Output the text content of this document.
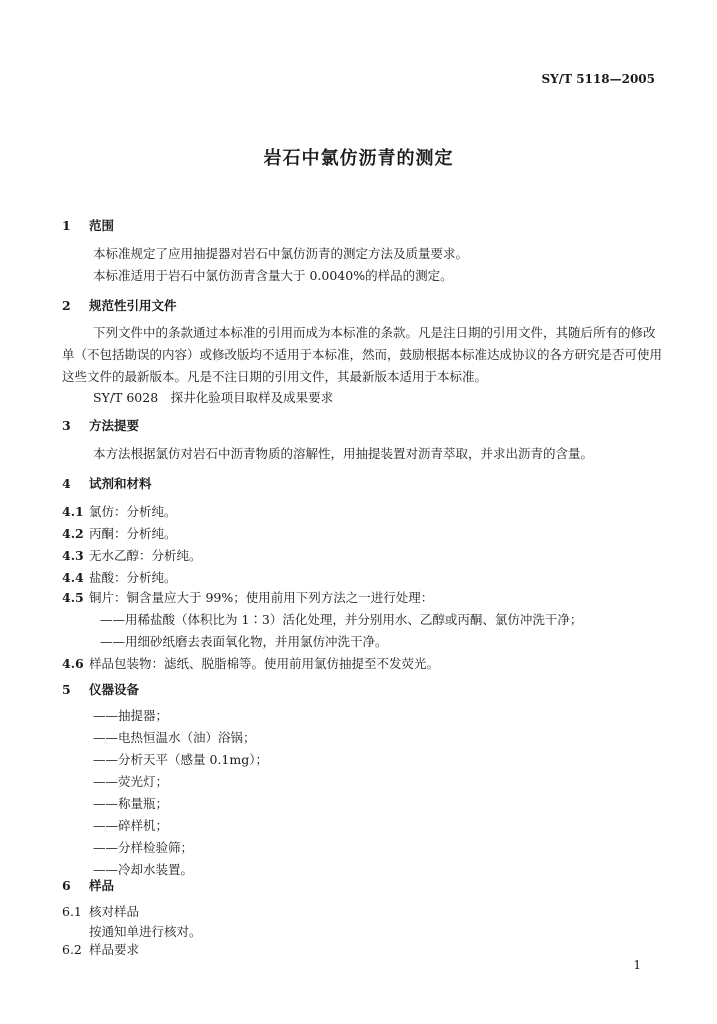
SY/T 5118—2005
岩石中氯仿沥青的测定
1 范围
本标准规定了应用抽提器对岩石中氯仿沥青的测定方法及质量要求。
本标准适用于岩石中氯仿沥青含量大于 0.0040%的样品的测定。
2 规范性引用文件
下列文件中的条款通过本标准的引用而成为本标准的条款。凡是注日期的引用文件，其随后所有的修改单（不包括勘误的内容）或修改版均不适用于本标准，然而，鼓励根据本标准达成协议的各方研究是否可使用这些文件的最新版本。凡是不注日期的引用文件，其最新版本适用于本标准。
SY/T 6028　探井化验项目取样及成果要求
3 方法提要
本方法根据氯仿对岩石中沥青物质的溶解性，用抽提装置对沥青萃取，并求出沥青的含量。
4 试剂和材料
4.1 氯仿：分析纯。
4.2 丙酮：分析纯。
4.3 无水乙醇：分析纯。
4.4 盐酸：分析纯。
4.5 铜片：铜含量应大于 99%；使用前用下列方法之一进行处理：
——用稀盐酸（体积比为 1∶3）活化处理，并分别用水、乙醇或丙酮、氯仿冲洗干净；
——用细砂纸磨去表面氧化物，并用氯仿冲洗干净。
4.6 样品包装物：滤纸、脱脂棉等。使用前用氯仿抽提至不发荧光。
5 仪器设备
——抽提器；
——电热恒温水（油）浴锅；
——分析天平（感量 0.1mg）；
——荧光灯；
——称量瓶；
——碎样机；
——分样检验筛；
——冷却水装置。
6 样品
6.1 核对样品
按通知单进行核对。
6.2 样品要求
1
